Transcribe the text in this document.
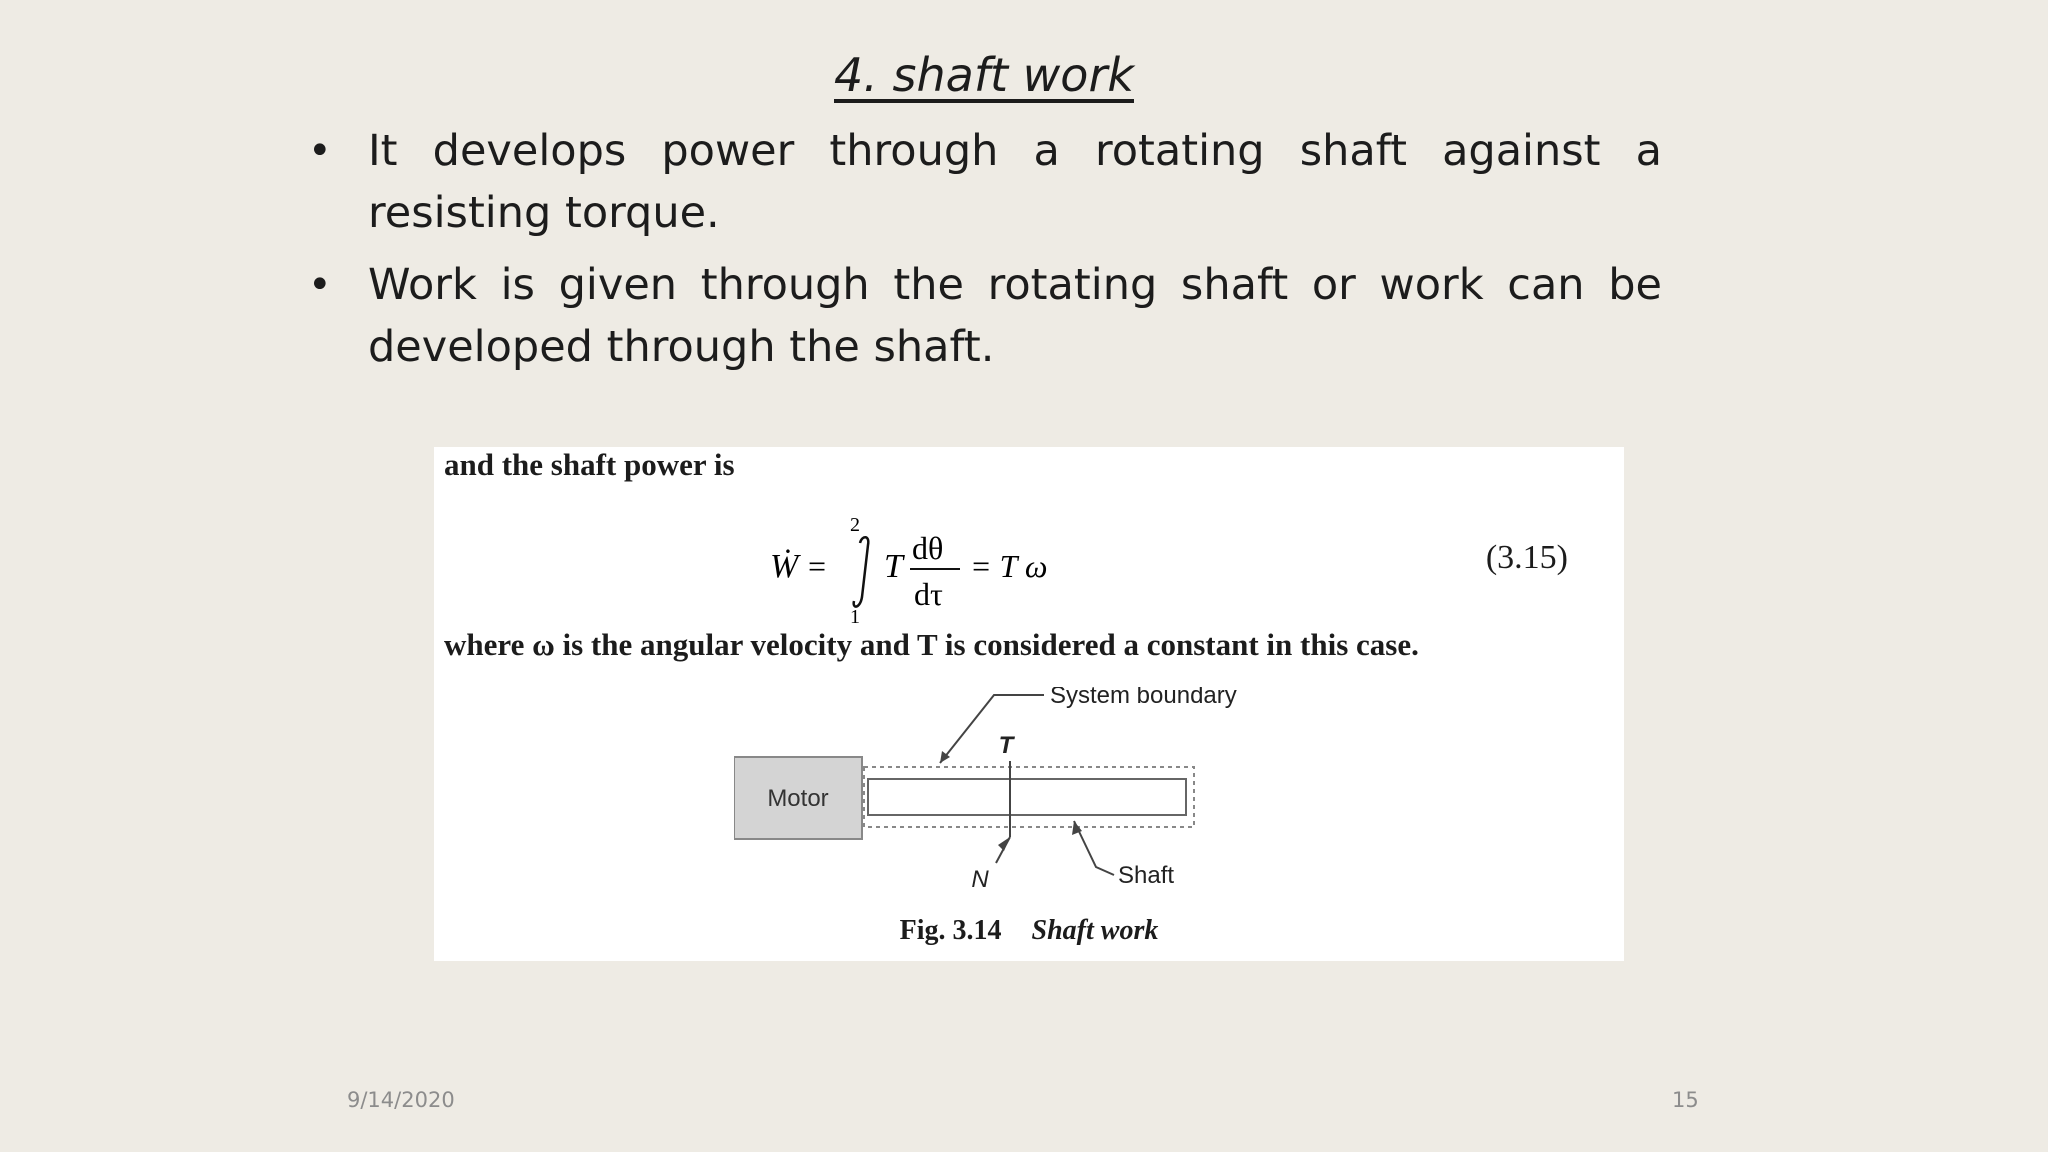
4. shaft work
• It develops power through a rotating shaft against a resisting torque.
• Work is given through the rotating shaft or work can be developed through the shaft.
and the shaft power is
Ẇ =
2
1
T dθ
dτ
= T ω	(3.15)
where ω is the angular velocity and T is considered a constant in this case.
Motor
System boundary
T
N	Shaft
Fig. 3.14 Shaft work
9/14/2020	15
